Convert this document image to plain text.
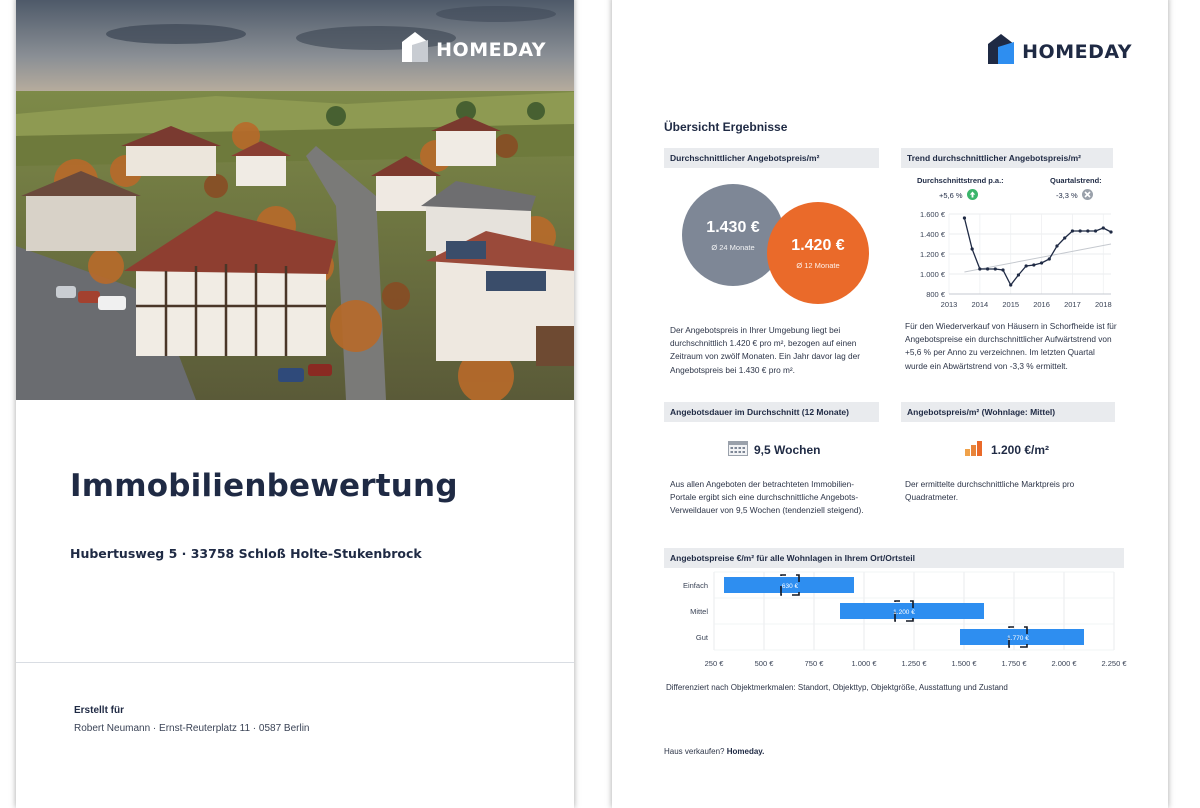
HOMEDAY
Immobilienbewertung
Hubertusweg 5 · 33758 Schloß Holte-Stukenbrock
Erstellt für
Robert Neumann · Ernst-Reuterplatz 11 · 0587 Berlin
HOMEDAY
Übersicht Ergebnisse
Durchschnittlicher Angebotspreis/m²
1.430 €
Ø 24 Monate 1.420 €
Ø 12 Monate
Der Angebotspreis in Ihrer Umgebung liegt bei durchschnittlich 1.420 € pro m², bezogen auf einen Zeitraum von zwölf Monaten. Ein Jahr davor lag der Angebotspreis bei 1.430 € pro m².
Trend durchschnittlicher Angebotspreis/m²
Durchschnittstrend p.a.:
+5,6 %
Quartalstrend:
-3,3 %
1.600 €
1.400 €
1.200 €
1.000 €
800 €
2013 2014 2015 2016 2017 2018
Für den Wiederverkauf von Häusern in Schorfheide ist für Angebotspreise ein durchschnittlicher Aufwärtstrend von +5,6 % per Anno zu verzeichnen. Im letzten Quartal wurde ein Abwärtstrend von -3,3 % ermittelt.
Angebotsdauer im Durchschnitt (12 Monate)
9,5 Wochen
Aus allen Angeboten der betrachteten Immobilien-Portale ergibt sich eine durchschnittliche Angebots-Verweildauer von 9,5 Wochen (tendenziell steigend).
Angebotspreis/m² (Wohnlage: Mittel)
1.200 €/m²
Der ermittelte durchschnittliche Marktpreis pro Quadratmeter.
Angebotspreise €/m² für alle Wohnlagen in Ihrem Ort/Ortsteil
250 €	500 €	750 €	1.000 €	1.250 €	1.500 €	1.750 €	2.000 €	2.250 €
Einfach	630 €
Mittel	1.200 €
Gut	1.770 €
Differenziert nach Objektmerkmalen: Standort, Objekttyp, Objektgröße, Ausstattung und Zustand
Haus verkaufen? Homeday.
